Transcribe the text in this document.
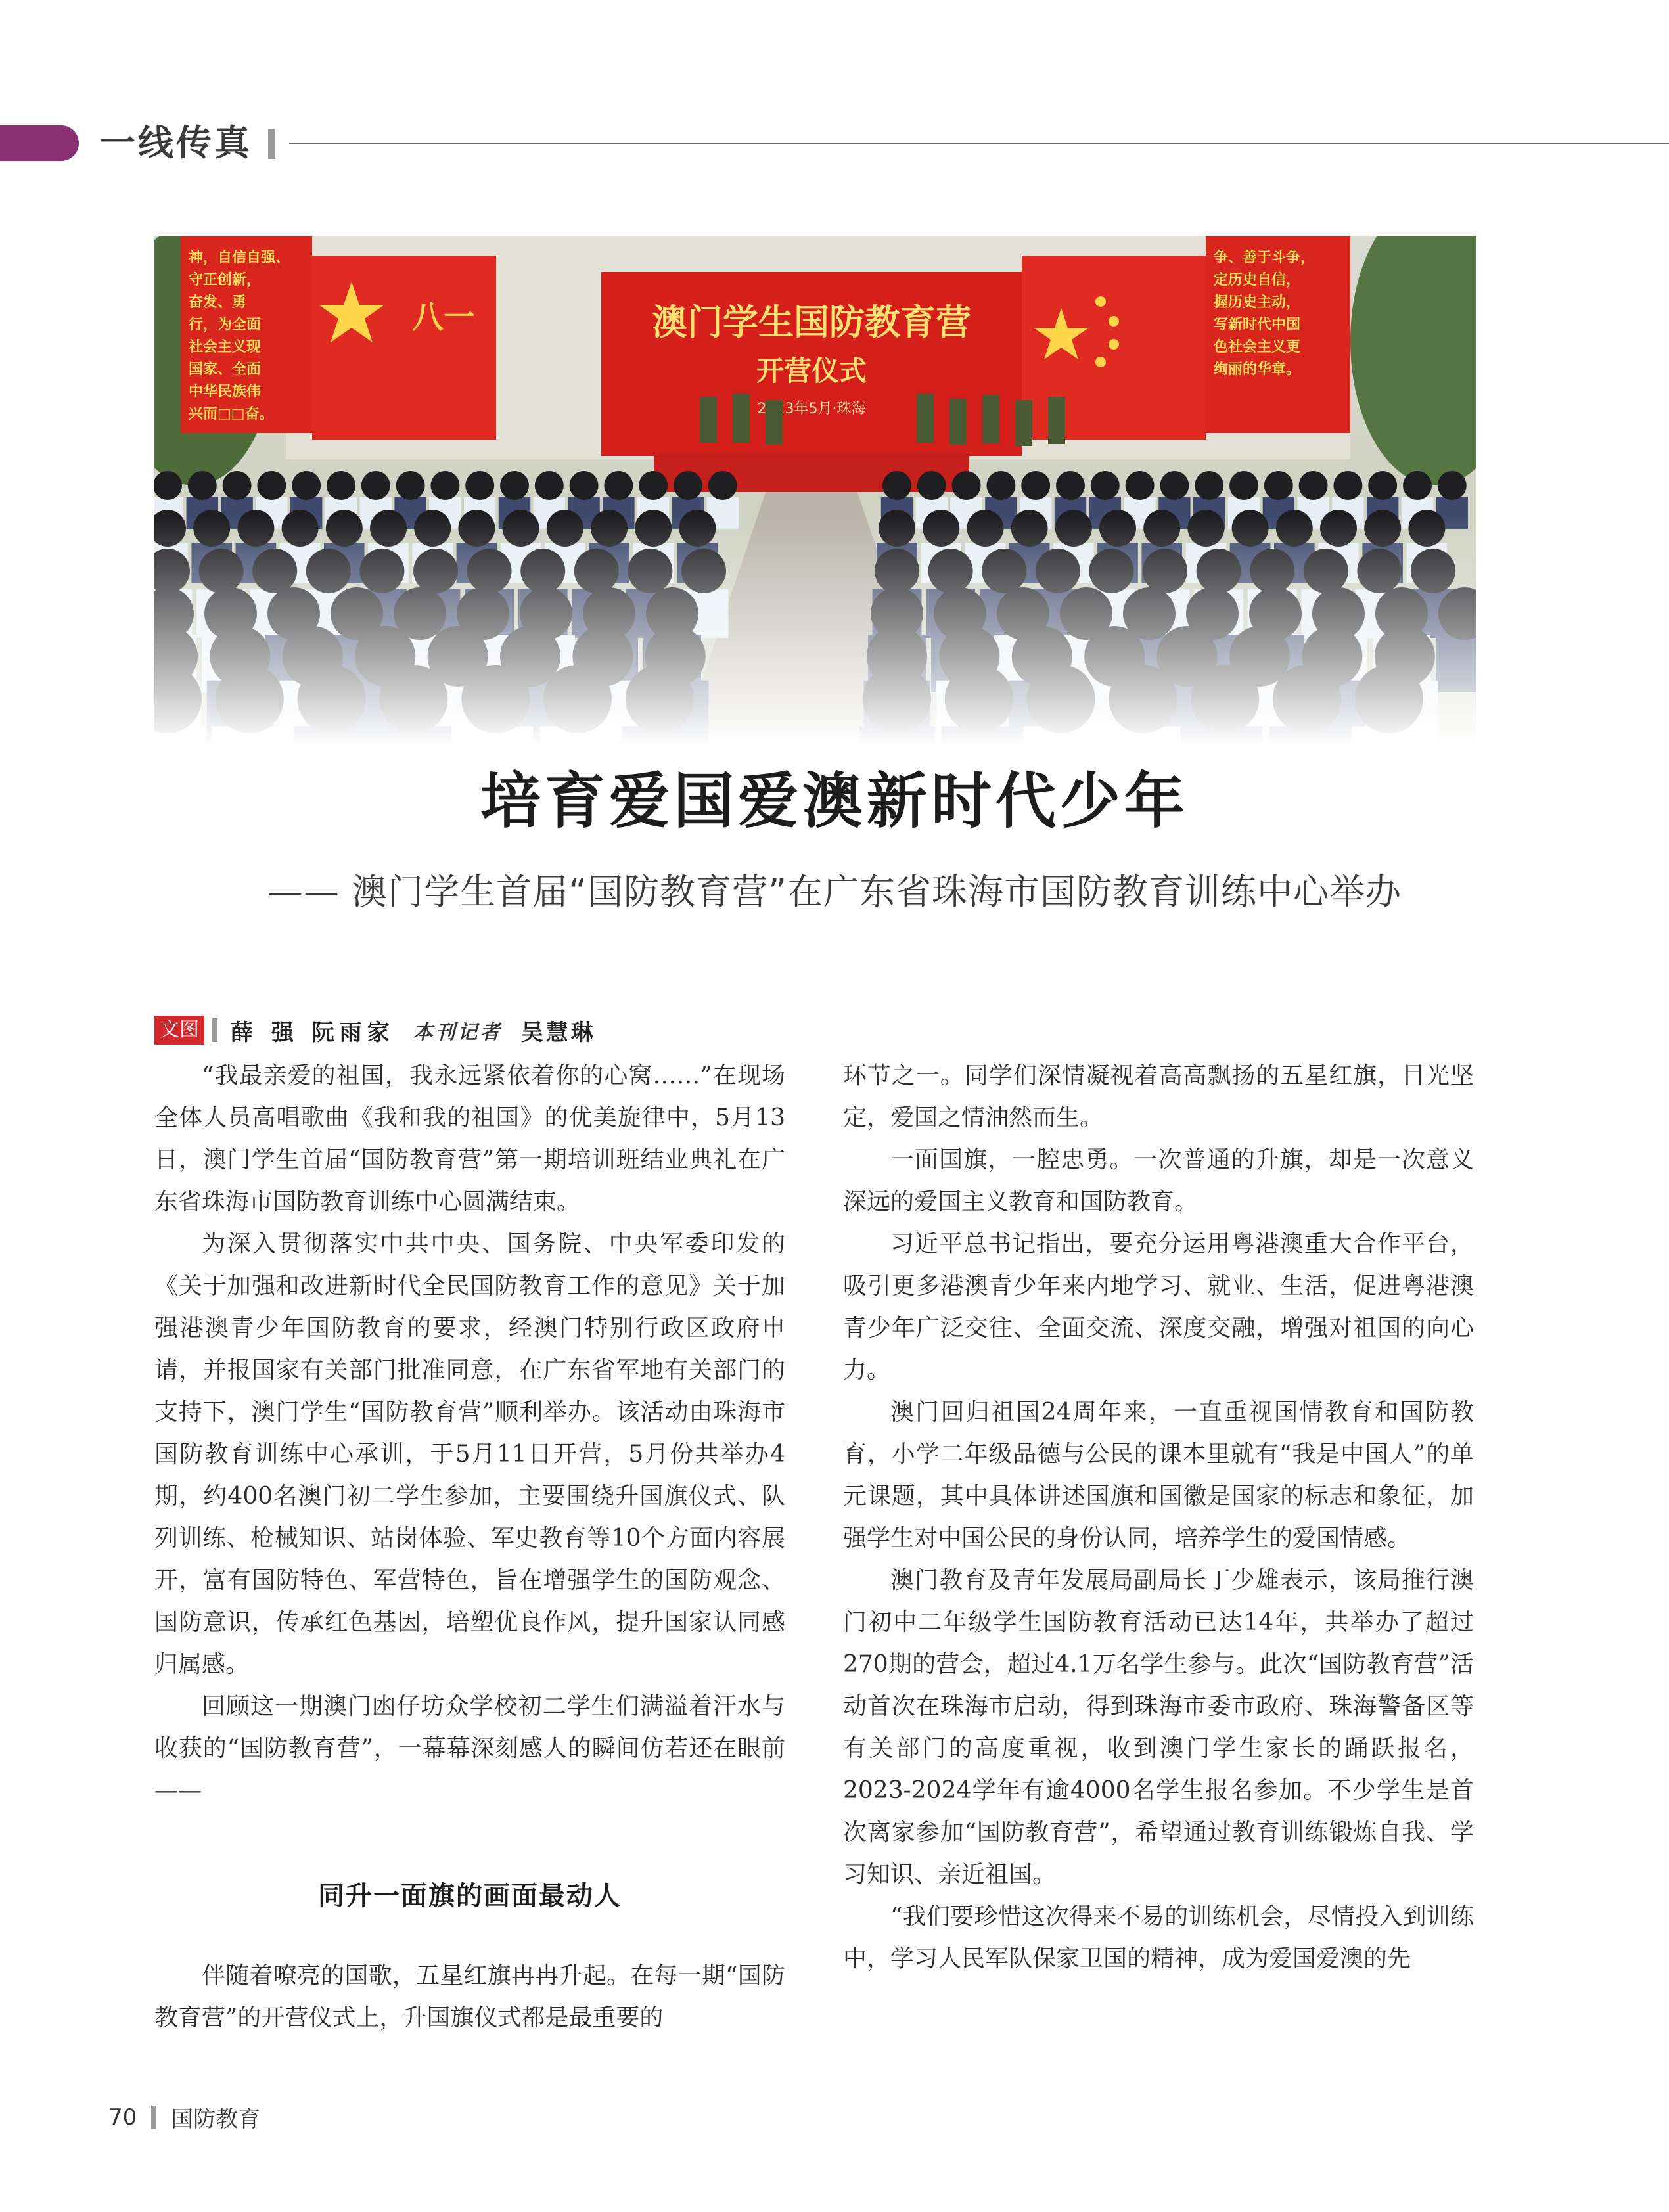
一线传真
培育爱国爱澳新时代少年
—— 澳门学生首届“国防教育营”在广东省珠海市国防教育训练中心举办
文图 薛 强 阮雨家 本刊记者 吴慧琳

“我最亲爱的祖国，我永远紧依着你的心窝……”在现场全体人员高唱歌曲《我和我的祖国》的优美旋律中，5月13日，澳门学生首届“国防教育营”第一期培训班结业典礼在广东省珠海市国防教育训练中心圆满结束。

为深入贯彻落实中共中央、国务院、中央军委印发的《关于加强和改进新时代全民国防教育工作的意见》关于加强港澳青少年国防教育的要求，经澳门特别行政区政府申请，并报国家有关部门批准同意，在广东省军地有关部门的支持下，澳门学生“国防教育营”顺利举办。该活动由珠海市国防教育训练中心承训，于5月11日开营，5月份共举办4期，约400名澳门初二学生参加，主要围绕升国旗仪式、队列训练、枪械知识、站岗体验、军史教育等10个方面内容展开，富有国防特色、军营特色，旨在增强学生的国防观念、国防意识，传承红色基因，培塑优良作风，提升国家认同感归属感。

回顾这一期澳门凼仔坊众学校初二学生们满溢着汗水与收获的“国防教育营”，一幕幕深刻感人的瞬间仿若还在眼前——

同升一面旗的画面最动人

伴随着嘹亮的国歌，五星红旗冉冉升起。在每一期“国防教育营”的开营仪式上，升国旗仪式都是最重要的

环节之一。同学们深情凝视着高高飘扬的五星红旗，目光坚定，爱国之情油然而生。

一面国旗，一腔忠勇。一次普通的升旗，却是一次意义深远的爱国主义教育和国防教育。

习近平总书记指出，要充分运用粤港澳重大合作平台，吸引更多港澳青少年来内地学习、就业、生活，促进粤港澳青少年广泛交往、全面交流、深度交融，增强对祖国的向心力。

澳门回归祖国24周年来，一直重视国情教育和国防教育，小学二年级品德与公民的课本里就有“我是中国人”的单元课题，其中具体讲述国旗和国徽是国家的标志和象征，加强学生对中国公民的身份认同，培养学生的爱国情感。

澳门教育及青年发展局副局长丁少雄表示，该局推行澳门初中二年级学生国防教育活动已达14年，共举办了超过270期的营会，超过4.1万名学生参与。此次“国防教育营”活动首次在珠海市启动，得到珠海市委市政府、珠海警备区等有关部门的高度重视，收到澳门学生家长的踊跃报名，2023-2024学年有逾4000名学生报名参加。不少学生是首次离家参加“国防教育营”，希望通过教育训练锻炼自我、学习知识、亲近祖国。

“我们要珍惜这次得来不易的训练机会，尽情投入到训练中，学习人民军队保家卫国的精神，成为爱国爱澳的先

70 国防教育
